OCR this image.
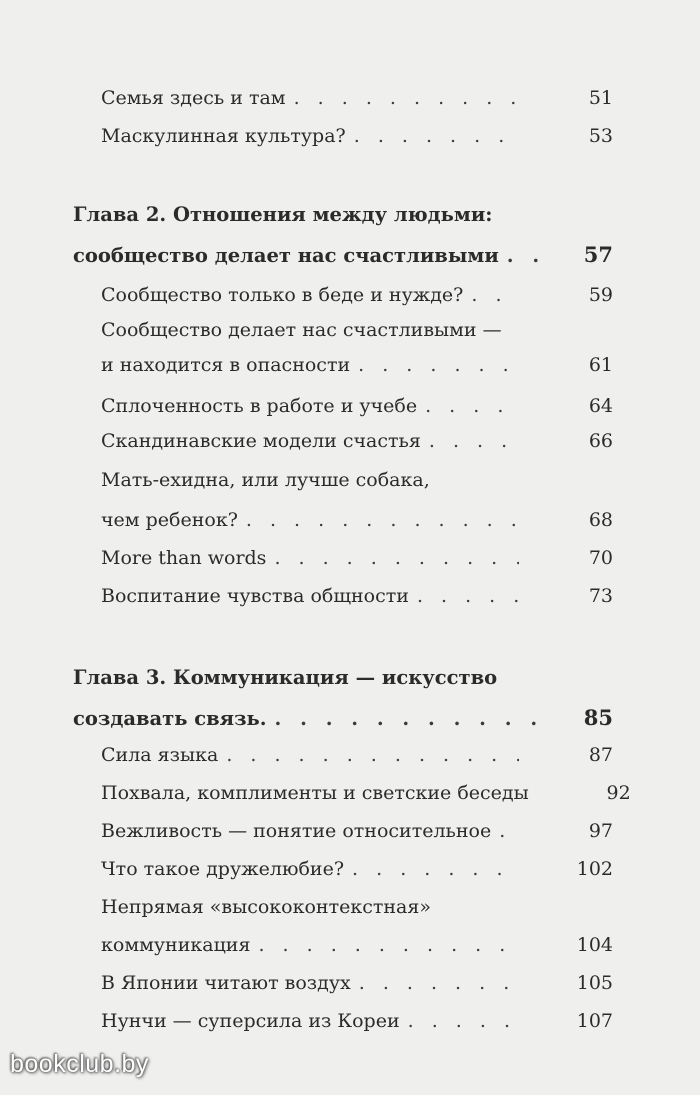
Семья здесь и там . . .	51
Маскулинная культура? . . .	53
Глава 2. Отношения между людьми:
сообщество делает нас счастливыми . . .	57
Сообщество только в беде и нужде? . . .	59
Сообщество делает нас счастливыми —
и находится в опасности . . .	61
Сплоченность в работе и учебе . . .	64
Скандинавские модели счастья . . .	66
Мать-ехидна, или лучше собака,
чем ребенок? . . .	68
More than words . . .	70
Воспитание чувства общности . . .	73
Глава 3. Коммуникация — искусство
создавать связь. . . .	85
Сила языка . . .	87
Похвала, комплименты и светские беседы	92
Вежливость — понятие относительное . . .	97
Что такое дружелюбие? . . .	102
Непрямая «высококонтекстная»
коммуникация . . .	104
В Японии читают воздух . . .	105
Нунчи — суперсила из Кореи . . .	107
bookclub.by
